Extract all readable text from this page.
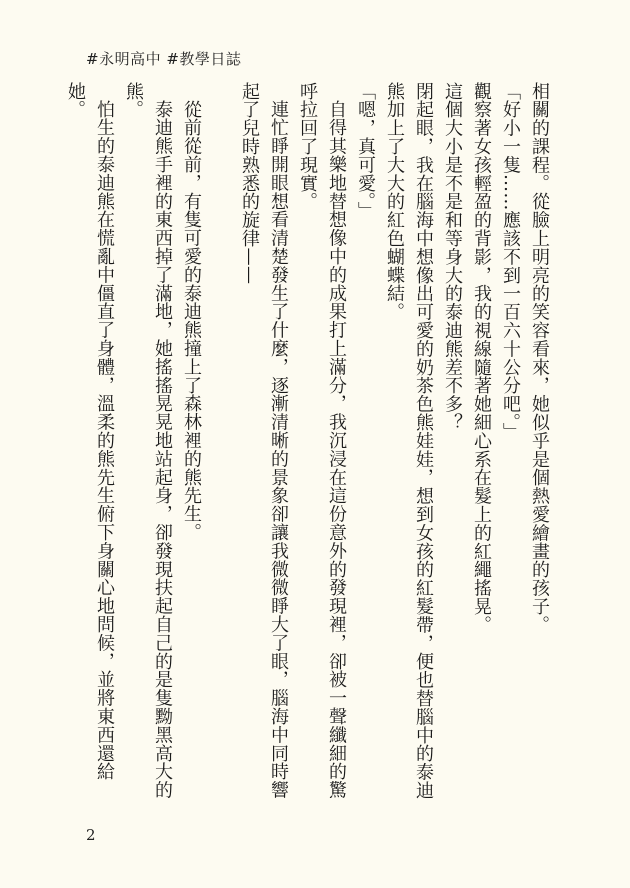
#永明高中 #教學日誌

相關的課程。從臉上明亮的笑容看來，她似乎是個熱愛繪畫的孩子。

「好小一隻……應該不到一百六十公分吧。」

觀察著女孩輕盈的背影，我的視線隨著她細心系在髮上的紅繩搖晃。

這個大小是不是和等身大的泰迪熊差不多？

閉起眼，我在腦海中想像出可愛的奶茶色熊娃娃，想到女孩的紅髮帶，便也替腦中的泰迪熊加上了大大的紅色蝴蝶結。

「嗯，真可愛。」

自得其樂地替想像中的成果打上滿分，我沉浸在這份意外的發現裡，卻被一聲纖細的驚呼拉回了現實。

連忙睜開眼想看清楚發生了什麼，逐漸清晰的景象卻讓我微微睜大了眼，腦海中同時響起了兒時熟悉的旋律——

從前從前，有隻可愛的泰迪熊撞上了森林裡的熊先生。

泰迪熊手裡的東西掉了滿地，她搖搖晃晃地站起身，卻發現扶起自己的是隻黝黑高大的熊。

怕生的泰迪熊在慌亂中僵直了身體，溫柔的熊先生俯下身關心地問候，並將東西還給她。

2
